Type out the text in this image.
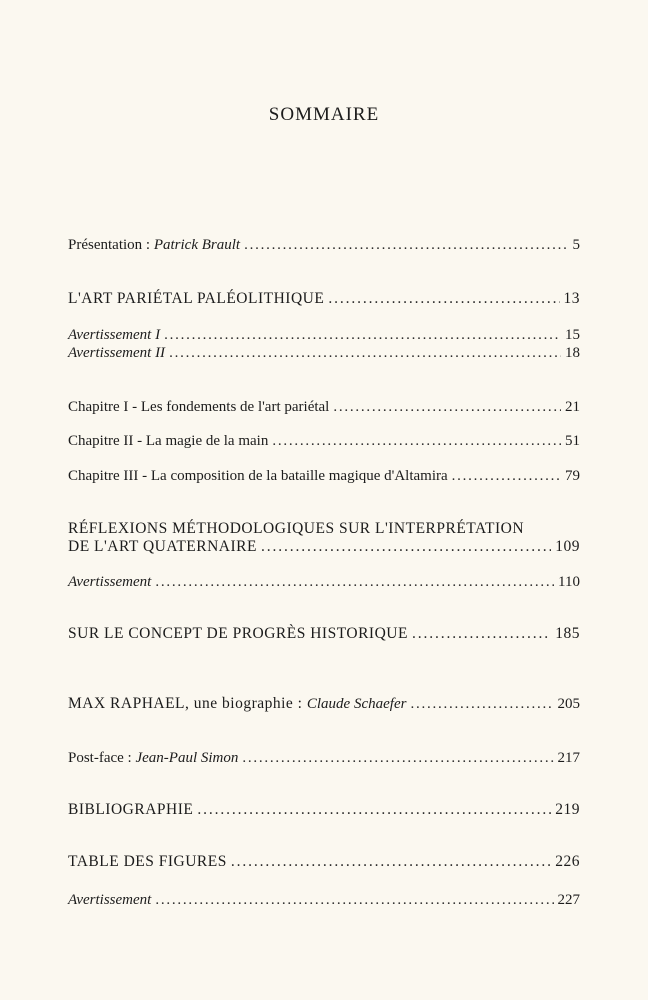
SOMMAIRE
Présentation : Patrick Brault . . .	5
L'ART PARIÉTAL PALÉOLITHIQUE . . .	13
Avertissement I . . .	15
Avertissement II . . .	18
Chapitre I - Les fondements de l'art pariétal . . .	21
Chapitre II - La magie de la main . . .	51
Chapitre III - La composition de la bataille magique d'Altamira . . .	79
RÉFLEXIONS MÉTHODOLOGIQUES SUR L'INTERPRÉTATION
DE L'ART QUATERNAIRE . . .	109
Avertissement . . .	110
SUR LE CONCEPT DE PROGRÈS HISTORIQUE . . .	185
MAX RAPHAEL, une biographie : Claude Schaefer . . .	205
Post-face : Jean-Paul Simon . . .	217
BIBLIOGRAPHIE . . .	219
TABLE DES FIGURES . . .	226
Avertissement . . .	227
